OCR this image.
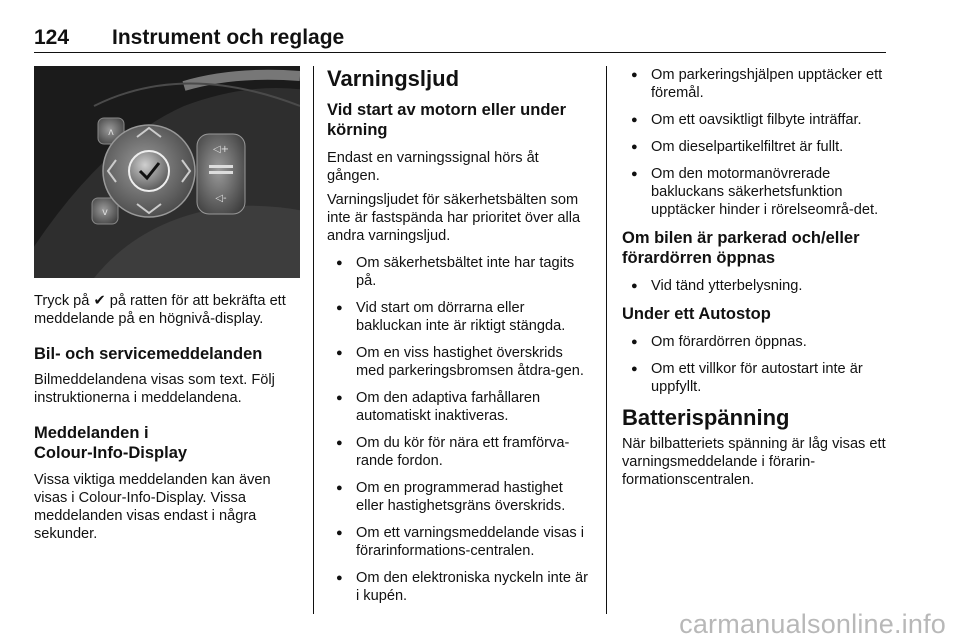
124 Instrument och reglage
ᴧ
v
◁+
◁-

Tryck på ✔ på ratten för att bekräfta ett meddelande på en högnivå-display.

Bil- och servicemeddelanden

Bilmeddelandena visas som text. Följ instruktionerna i meddelandena.

Meddelanden i
Colour-Info-Display

Vissa viktiga meddelanden kan även visas i Colour-Info-Display. Vissa meddelanden visas endast i några sekunder.

Varningsljud
Vid start av motorn eller under körning

Endast en varningssignal hörs åt gången.

Varningsljudet för säkerhetsbälten som inte är fastspända har prioritet över alla andra varningsljud.

● Om säkerhetsbältet inte har tagits på.
● Vid start om dörrarna eller bakluckan inte är riktigt stängda.
● Om en viss hastighet överskrids med parkeringsbromsen åtdra-gen.
● Om den adaptiva farhållaren automatiskt inaktiveras.
● Om du kör för nära ett framförva-rande fordon.
● Om en programmerad hastighet eller hastighetsgräns överskrids.
● Om ett varningsmeddelande visas i förarinformations-centralen.
● Om den elektroniska nyckeln inte är i kupén.
● Om parkeringshjälpen upptäcker ett föremål.
● Om ett oavsiktligt filbyte inträffar.
● Om dieselpartikelfiltret är fullt.
● Om den motormanövrerade bakluckans säkerhetsfunktion upptäcker hinder i rörelseområ-det.
Om bilen är parkerad och/eller förardörren öppnas
● Vid tänd ytterbelysning.
Under ett Autostop
● Om förardörren öppnas.
● Om ett villkor för autostart inte är uppfyllt.
Batterispänning

När bilbatteriets spänning är låg visas ett varningsmeddelande i förarin-formationscentralen.

carmanualsonline.info
